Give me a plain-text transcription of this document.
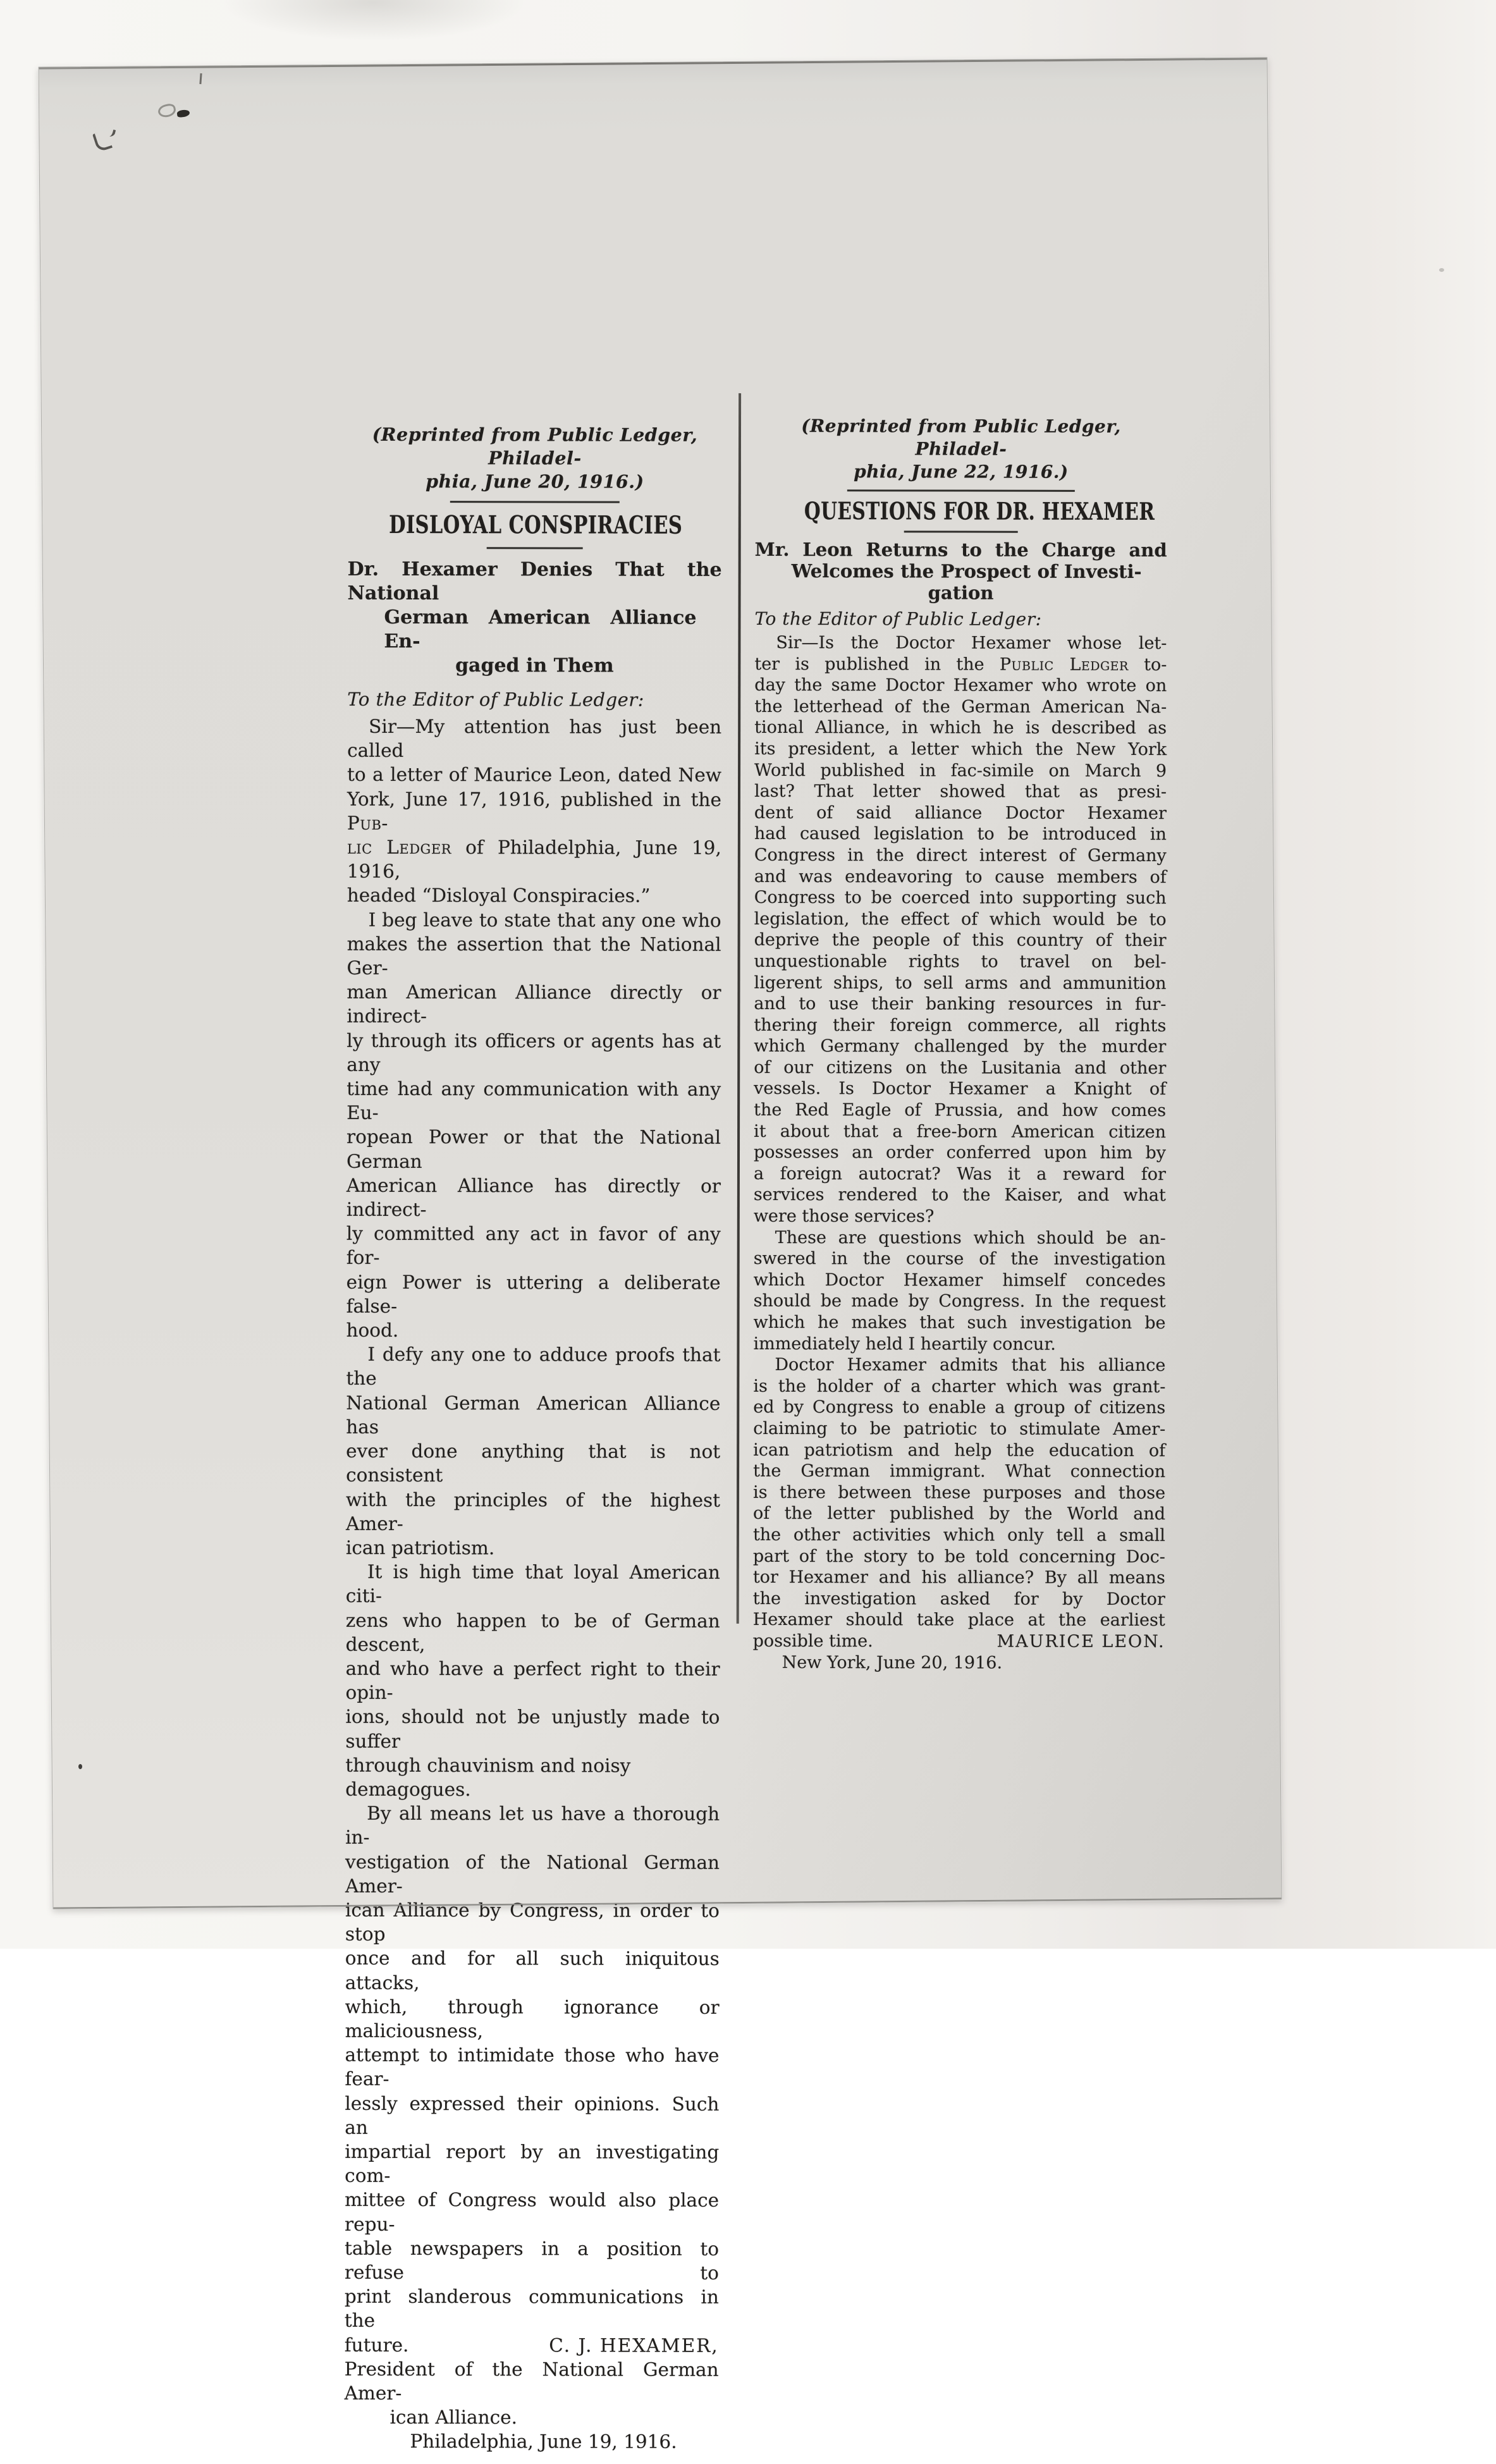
(Reprinted from Public Ledger, Philadel-
phia, June 20, 1916.)
DISLOYAL CONSPIRACIES
Dr. Hexamer Denies That the National
German American Alliance En-
gaged in Them
To the Editor of Public Ledger:
Sir—My attention has just been called
to a letter of Maurice Leon, dated New
York, June 17, 1916, published in the Pub-
lic Ledger of Philadelphia, June 19, 1916,
headed “Disloyal Conspiracies.”
I beg leave to state that any one who
makes the assertion that the National Ger-
man American Alliance directly or indirect-
ly through its officers or agents has at any
time had any communication with any Eu-
ropean Power or that the National German
American Alliance has directly or indirect-
ly committed any act in favor of any for-
eign Power is uttering a deliberate false-
hood.
I defy any one to adduce proofs that the
National German American Alliance has
ever done anything that is not consistent
with the principles of the highest Amer-
ican patriotism.
It is high time that loyal American citi-
zens who happen to be of German descent,
and who have a perfect right to their opin-
ions, should not be unjustly made to suffer
through chauvinism and noisy demagogues.
By all means let us have a thorough in-
vestigation of the National German Amer-
ican Alliance by Congress, in order to stop
once and for all such iniquitous attacks,
which, through ignorance or maliciousness,
attempt to intimidate those who have fear-
lessly expressed their opinions. Such an
impartial report by an investigating com-
mittee of Congress would also place repu-
table newspapers in a position to refuse to
print slanderous communications in the
future.	C. J. HEXAMER,
President of the National German Amer-
ican Alliance.
Philadelphia, June 19, 1916.
(Reprinted from Public Ledger, Philadel-
phia, June 22, 1916.)
QUESTIONS FOR DR. HEXAMER
Mr. Leon Returns to the Charge and
Welcomes the Prospect of Investi-
gation
To the Editor of Public Ledger:
Sir—Is the Doctor Hexamer whose let-
ter is published in the Public Ledger to-
day the same Doctor Hexamer who wrote on
the letterhead of the German American Na-
tional Alliance, in which he is described as
its president, a letter which the New York
World published in fac-simile on March 9
last? That letter showed that as presi-
dent of said alliance Doctor Hexamer
had caused legislation to be introduced in
Congress in the direct interest of Germany
and was endeavoring to cause members of
Congress to be coerced into supporting such
legislation, the effect of which would be to
deprive the people of this country of their
unquestionable rights to travel on bel-
ligerent ships, to sell arms and ammunition
and to use their banking resources in fur-
thering their foreign commerce, all rights
which Germany challenged by the murder
of our citizens on the Lusitania and other
vessels. Is Doctor Hexamer a Knight of
the Red Eagle of Prussia, and how comes
it about that a free-born American citizen
possesses an order conferred upon him by
a foreign autocrat? Was it a reward for
services rendered to the Kaiser, and what
were those services?
These are questions which should be an-
swered in the course of the investigation
which Doctor Hexamer himself concedes
should be made by Congress. In the request
which he makes that such investigation be
immediately held I heartily concur.
Doctor Hexamer admits that his alliance
is the holder of a charter which was grant-
ed by Congress to enable a group of citizens
claiming to be patriotic to stimulate Amer-
ican patriotism and help the education of
the German immigrant. What connection
is there between these purposes and those
of the letter published by the World and
the other activities which only tell a small
part of the story to be told concerning Doc-
tor Hexamer and his alliance? By all means
the investigation asked for by Doctor
Hexamer should take place at the earliest
possible time.	MAURICE LEON.
New York, June 20, 1916.
